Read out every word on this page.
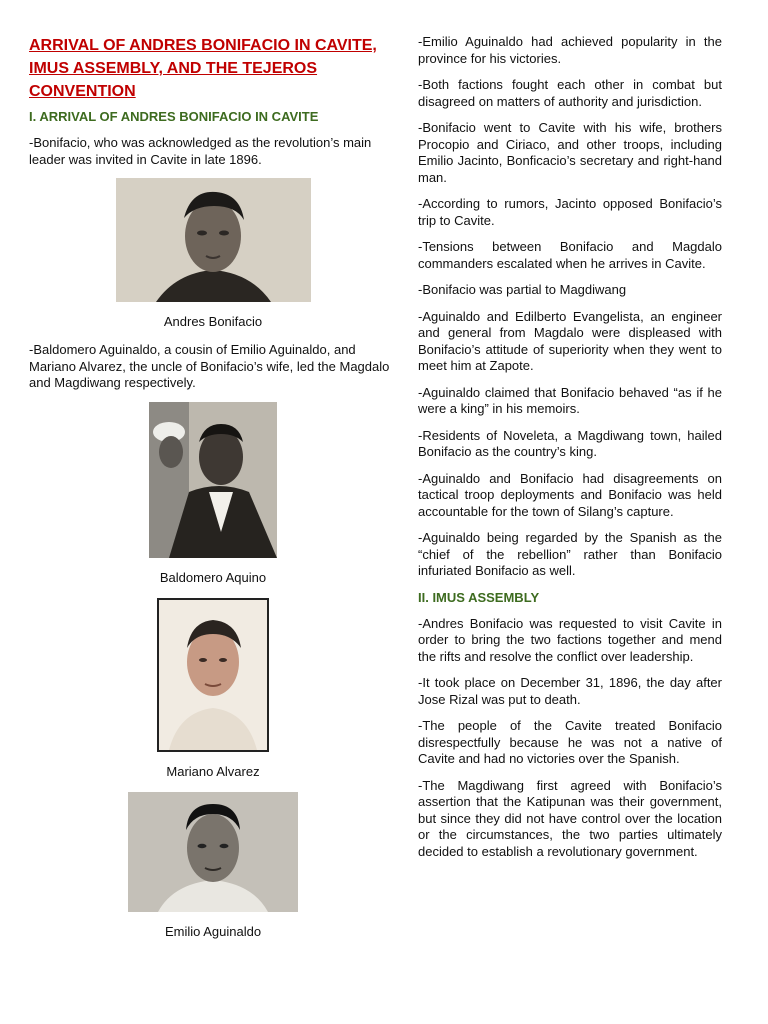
ARRIVAL OF ANDRES BONIFACIO IN CAVITE, IMUS ASSEMBLY, AND THE TEJEROS CONVENTION
I. ARRIVAL OF ANDRES BONIFACIO IN CAVITE
-Bonifacio, who was acknowledged as the revolution’s main leader was invited in Cavite in late 1896.
Andres Bonifacio
-Baldomero Aguinaldo, a cousin of Emilio Aguinaldo, and Mariano Alvarez, the uncle of Bonifacio’s wife, led the Magdalo and Magdiwang respectively.
Baldomero Aquino
Mariano Alvarez
Emilio Aguinaldo
-Emilio Aguinaldo had achieved popularity in the province for his victories.
-Both factions fought each other in combat but disagreed on matters of authority and jurisdiction.
-Bonifacio went to Cavite with his wife, brothers Procopio and Ciriaco, and other troops, including Emilio Jacinto, Bonficacio’s secretary and right-hand man.
-According to rumors, Jacinto opposed Bonifacio’s trip to Cavite.
-Tensions between Bonifacio and Magdalo commanders escalated when he arrives in Cavite.
-Bonifacio was partial to Magdiwang
-Aguinaldo and Edilberto Evangelista, an engineer and general from Magdalo were displeased with Bonifacio’s attitude of superiority when they went to meet him at Zapote.
-Aguinaldo claimed that Bonifacio behaved “as if he were a king” in his memoirs.
-Residents of Noveleta, a Magdiwang town, hailed Bonifacio as the country’s king.
-Aguinaldo and Bonifacio had disagreements on tactical troop deployments and Bonifacio was held accountable for the town of Silang’s capture.
-Aguinaldo being regarded by the Spanish as the “chief of the rebellion” rather than Bonifacio infuriated Bonifacio as well.
II. IMUS ASSEMBLY
-Andres Bonifacio was requested to visit Cavite in order to bring the two factions together and mend the rifts and resolve the conflict over leadership.
-It took place on December 31, 1896, the day after Jose Rizal was put to death.
-The people of the Cavite treated Bonifacio disrespectfully because he was not a native of Cavite and had no victories over the Spanish.
-The Magdiwang first agreed with Bonifacio’s assertion that the Katipunan was their government, but since they did not have control over the location or the circumstances, the two parties ultimately decided to establish a revolutionary government.
